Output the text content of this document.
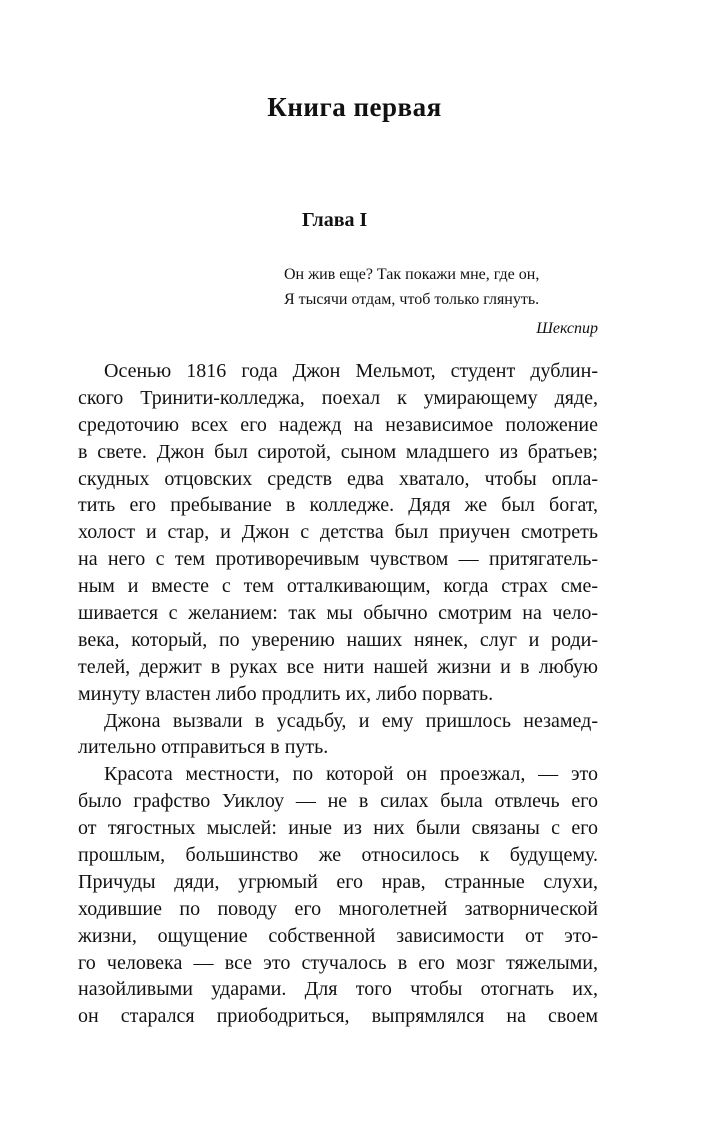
Книга первая
Глава I
Он жив еще? Так покажи мне, где он,
Я тысячи отдам, чтоб только глянуть.
Шекспир
Осенью 1816 года Джон Мельмот, студент дублин-
ского Тринити-колледжа, поехал к умирающему дяде,
средоточию всех его надежд на независимое положение
в свете. Джон был сиротой, сыном младшего из братьев;
скудных отцовских средств едва хватало, чтобы опла-
тить его пребывание в колледже. Дядя же был богат,
холост и стар, и Джон с детства был приучен смотреть
на него с тем противоречивым чувством — притягатель-
ным и вместе с тем отталкивающим, когда страх сме-
шивается с желанием: так мы обычно смотрим на чело-
века, который, по уверению наших нянек, слуг и роди-
телей, держит в руках все нити нашей жизни и в любую
минуту властен либо продлить их, либо порвать.
Джона вызвали в усадьбу, и ему пришлось незамед-
лительно отправиться в путь.
Красота местности, по которой он проезжал, — это
было графство Уиклоу — не в силах была отвлечь его
от тягостных мыслей: иные из них были связаны с его
прошлым, большинство же относилось к будущему.
Причуды дяди, угрюмый его нрав, странные слухи,
ходившие по поводу его многолетней затворнической
жизни, ощущение собственной зависимости от это-
го человека — все это стучалось в его мозг тяжелыми,
назойливыми ударами. Для того чтобы отогнать их,
он старался приободриться, выпрямлялся на своем
